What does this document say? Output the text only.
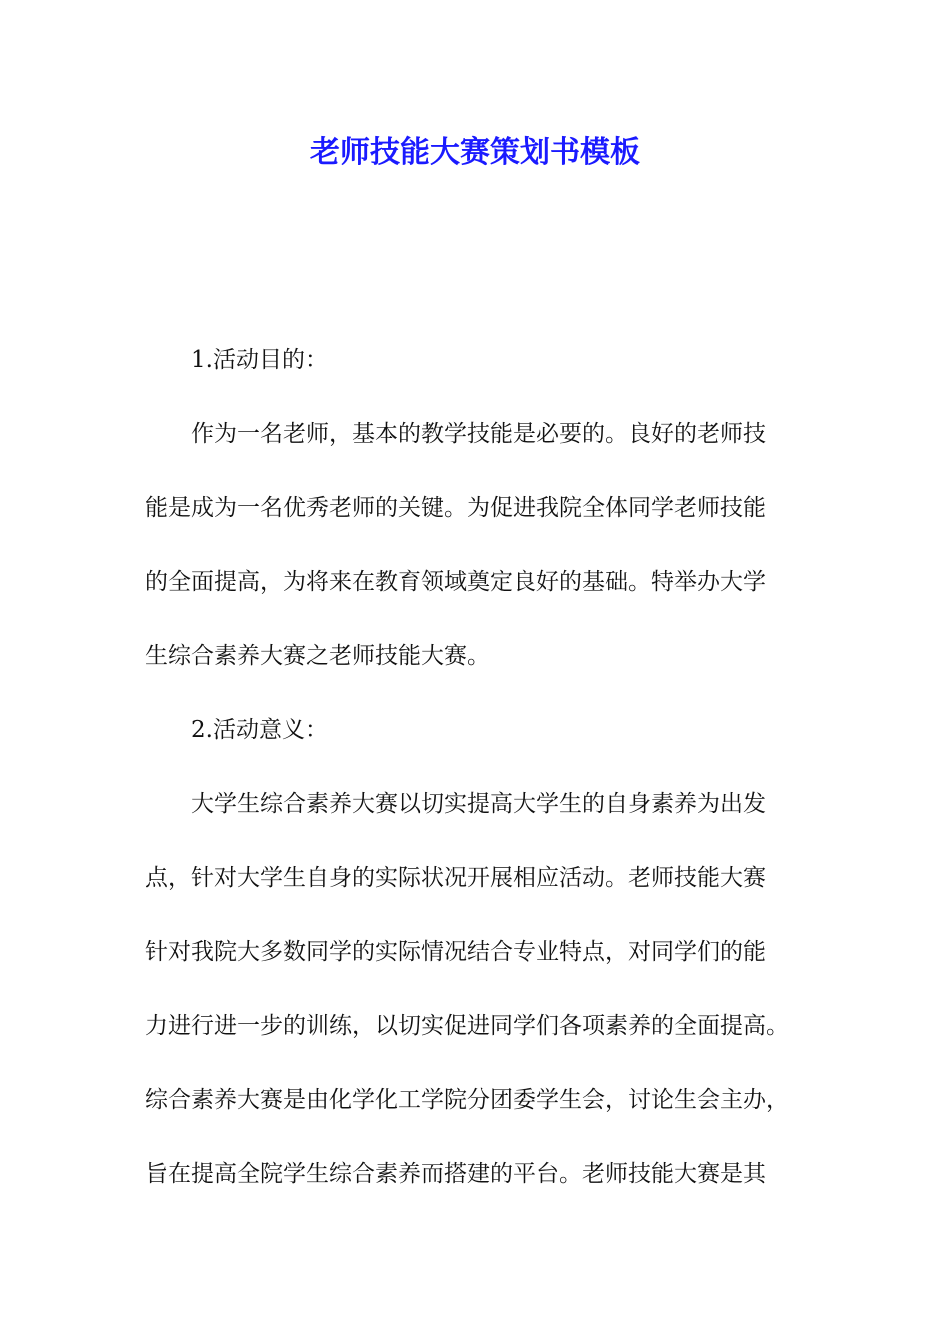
老师技能大赛策划书模板

1.活动目的：

作为一名老师，基本的教学技能是必要的。良好的老师技

能是成为一名优秀老师的关键。为促进我院全体同学老师技能

的全面提高，为将来在教育领域奠定良好的基础。特举办大学

生综合素养大赛之老师技能大赛。

2.活动意义：

大学生综合素养大赛以切实提高大学生的自身素养为出发

点，针对大学生自身的实际状况开展相应活动。老师技能大赛

针对我院大多数同学的实际情况结合专业特点，对同学们的能

力进行进一步的训练，以切实促进同学们各项素养的全面提高。

综合素养大赛是由化学化工学院分团委学生会，讨论生会主办，

旨在提高全院学生综合素养而搭建的平台。老师技能大赛是其
